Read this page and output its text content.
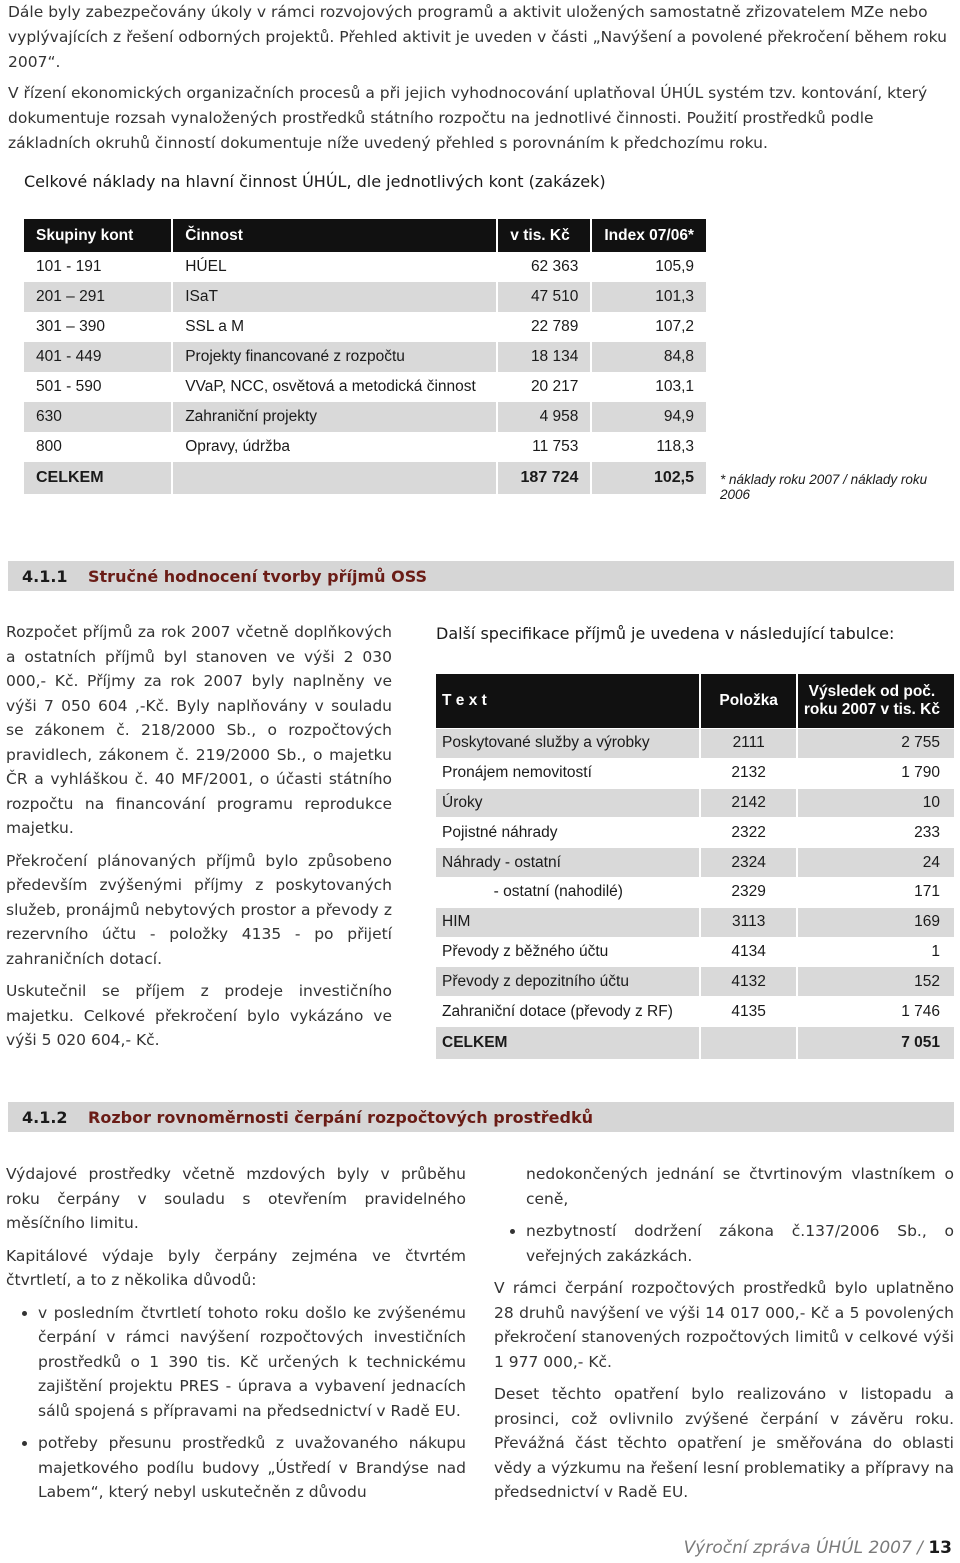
Dále byly zabezpečovány úkoly v rámci rozvojových programů a aktivit uložených samostatně zřizovatelem MZe nebo vyplývajících z řešení odborných projektů. Přehled aktivit je uveden v části „Navýšení a povolené překročení během roku 2007“.

V řízení ekonomických organizačních procesů a při jejich vyhodnocování uplatňoval ÚHÚL systém tzv. kontování, který dokumentuje rozsah vynaložených prostředků státního rozpočtu na jednotlivé činnosti. Použití prostředků podle základních okruhů činností dokumentuje níže uvedený přehled s porovnáním k předchozímu roku.

Celkové náklady na hlavní činnost ÚHÚL, dle jednotlivých kont (zakázek)
Skupiny kont	Činnost	v tis. Kč	Index 07/06*
101 - 191	HÚEL	62 363	105,9
201 – 291	ISaT	47 510	101,3
301 – 390	SSL a M	22 789	107,2
401 - 449	Projekty financované z rozpočtu	18 134	84,8
501 - 590	VVaP, NCC, osvětová a metodická činnost	20 217	103,1
630	Zahraniční projekty	4 958	94,9
800	Opravy, údržba	11 753	118,3
CELKEM		187 724	102,5 * náklady roku 2007 / náklady roku 2006
4.1.1	Stručné hodnocení tvorby příjmů OSS

Rozpočet příjmů za rok 2007 včetně doplňkových a ostatních příjmů byl stanoven ve výši 2 030 000,- Kč. Příjmy za rok 2007 byly naplněny ve výši 7 050 604 ,-Kč. Byly naplňovány v souladu se zákonem č. 218/2000 Sb., o rozpočtových pravidlech, zákonem č. 219/2000 Sb., o majetku ČR a vyhláškou č. 40 MF/2001, o účasti státního rozpočtu na financování programu reprodukce majetku.

Překročení plánovaných příjmů bylo způsobeno především zvýšenými příjmy z poskytovaných služeb, pronájmů nebytových prostor a převody z rezervního účtu - položky 4135 - po přijetí zahraničních dotací.

Uskutečnil se příjem z prodeje investičního majetku. Celkové překročení bylo vykázáno ve výši 5 020 604,- Kč.

Další specifikace příjmů je uvedena v následující tabulce:
T e x t	Položka	Výsledek od poč.
roku 2007 v tis. Kč
Poskytované služby a výrobky	2111	2 755
Pronájem nemovitostí	2132	1 790
Úroky	2142	10
Pojistné náhrady	2322	233
Náhrady - ostatní	2324	24
- ostatní (nahodilé)	2329	171
HIM	3113	169
Převody z běžného účtu	4134	1
Převody z depozitního účtu	4132	152
Zahraniční dotace (převody z RF)	4135	1 746
CELKEM		7 051
4.1.2	Rozbor rovnoměrnosti čerpání rozpočtových prostředků

Výdajové prostředky včetně mzdových byly v průběhu roku čerpány v souladu s otevřením pravidelného měsíčního limitu.

Kapitálové výdaje byly čerpány zejména ve čtvrtém čtvrtletí, a to z několika důvodů:

• v posledním čtvrtletí tohoto roku došlo ke zvýšenému čerpání v rámci navýšení rozpočtových investičních prostředků o 1 390 tis. Kč určených k technickému zajištění projektu PRES - úprava a vybavení jednacích sálů spojená s přípravami na předsednictví v Radě EU.
• potřeby přesunu prostředků z uvažovaného nákupu majetkového podílu budovy „Ústředí v Brandýse nad Labem“, který nebyl uskutečněn z důvodu

nedokončených jednání se čtvrtinovým vlastníkem o ceně,

• nezbytností dodržení zákona č.137/2006 Sb., o veřejných zakázkách.

V rámci čerpání rozpočtových prostředků bylo uplatněno 28 druhů navýšení ve výši 14 017 000,- Kč a 5 povolených překročení stanovených rozpočtových limitů v celkové výši 1 977 000,- Kč.

Deset těchto opatření bylo realizováno v listopadu a prosinci, což ovlivnilo zvýšené čerpání v závěru roku. Převážná část těchto opatření je směřována do oblasti vědy a výzkumu na řešení lesní problematiky a přípravy na předsednictví v Radě EU.

Výroční zpráva ÚHÚL 2007 / 13
